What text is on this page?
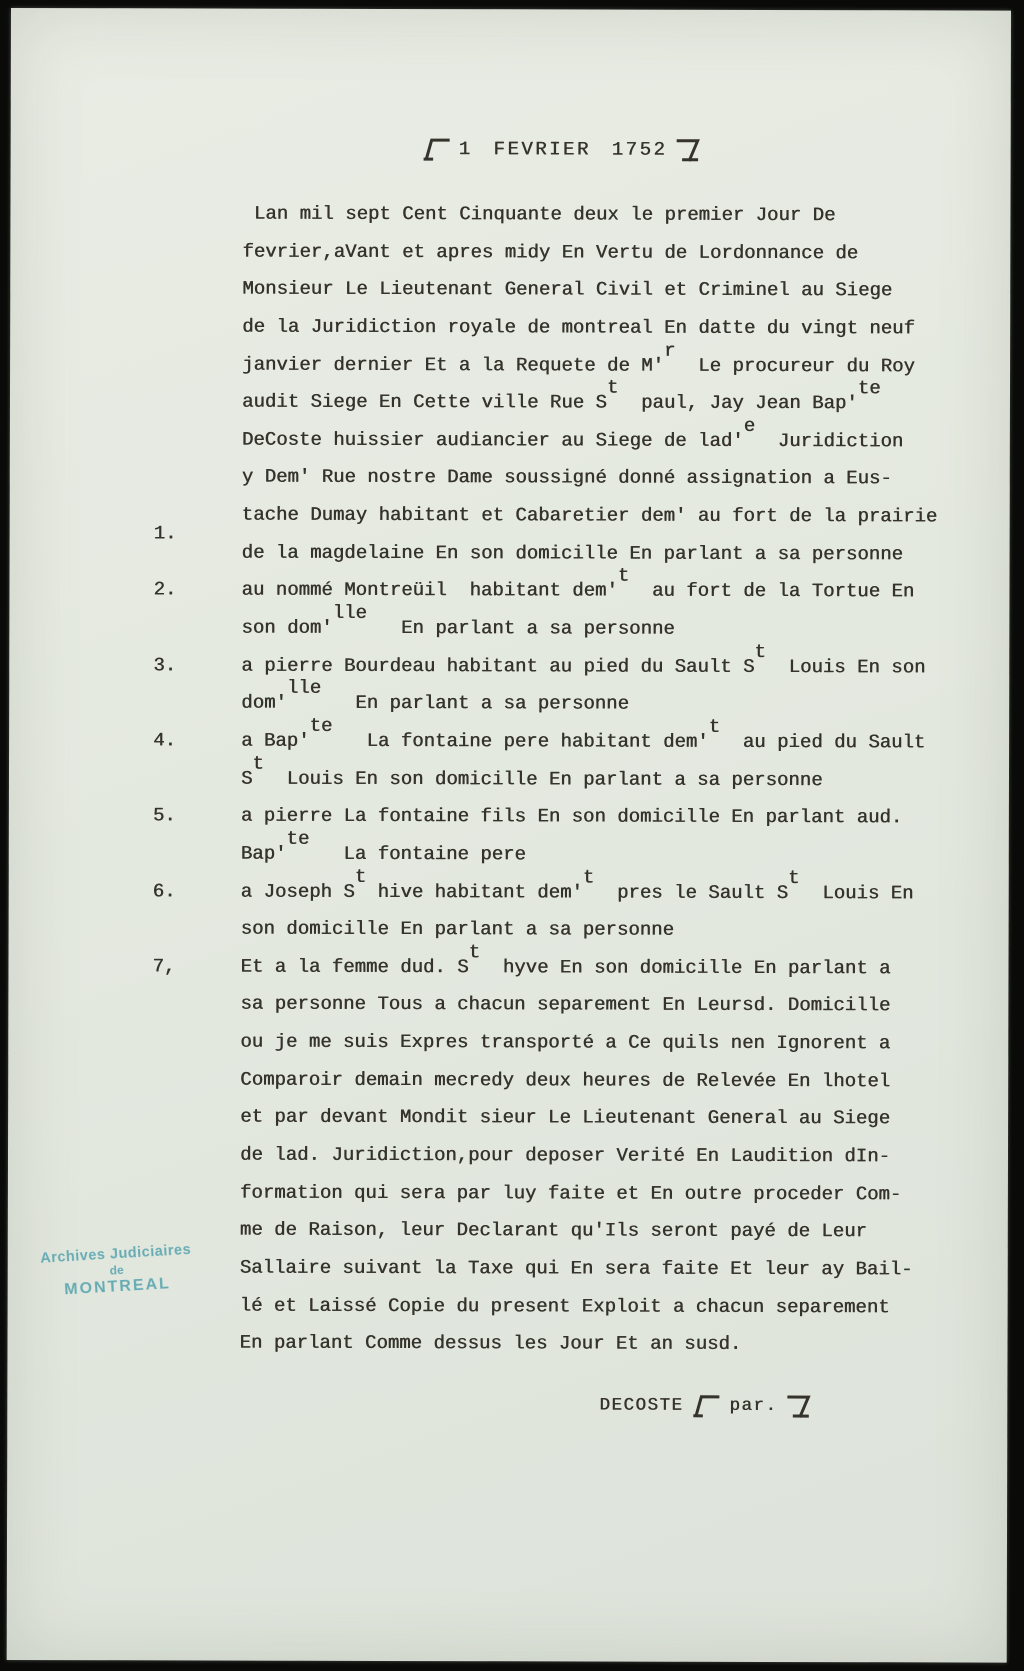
1 FEVRIER 1752
Lan mil sept Cent Cinquante deux le premier Jour De
fevrier,aVant et apres midy En Vertu de Lordonnance de
Monsieur Le Lieutenant General Civil et Criminel au Siege
de la Juridiction royale de montreal En datte du vingt neuf
janvier dernier Et a la Requete de M'r  Le procureur du Roy
audit Siege En Cette ville Rue St  paul, Jay Jean Bap'te
DeCoste huissier audiancier au Siege de lad'e  Juridiction
y Dem' Rue nostre Dame soussigné donné assignation a Eus-
tache Dumay habitant et Cabaretier dem' au fort de la prairie
1.
de la magdelaine En son domicille En parlant a sa personne
2.	au nommé Montreüil  habitant dem't  au fort de la Tortue En
son dom'lle   En parlant a sa personne
3.	a pierre Bourdeau habitant au pied du Sault St  Louis En son
dom'lle   En parlant a sa personne
4.	a Bap'te   La fontaine pere habitant dem't  au pied du Sault
St  Louis En son domicille En parlant a sa personne
5.	a pierre La fontaine fils En son domicille En parlant aud.
Bap'te   La fontaine pere
6.	a Joseph St hive habitant dem't  pres le Sault St  Louis En
son domicille En parlant a sa personne
7,	Et a la femme dud. St  hyve En son domicille En parlant a
sa personne Tous a chacun separement En Leursd. Domicille
ou je me suis Expres transporté a Ce quils nen Ignorent a
Comparoir demain mecredy deux heures de Relevée En lhotel
et par devant Mondit sieur Le Lieutenant General au Siege
de lad. Juridiction,pour deposer Verité En Laudition dIn-
formation qui sera par luy faite et En outre proceder Com-
me de Raison, leur Declarant qu'Ils seront payé de Leur
Sallaire suivant la Taxe qui En sera faite Et leur ay Bail-
lé et Laissé Copie du present Exploit a chacun separement
En parlant Comme dessus les Jour Et an susd.
DECOSTE	par.
Archives Judiciaires
de
MONTREAL
